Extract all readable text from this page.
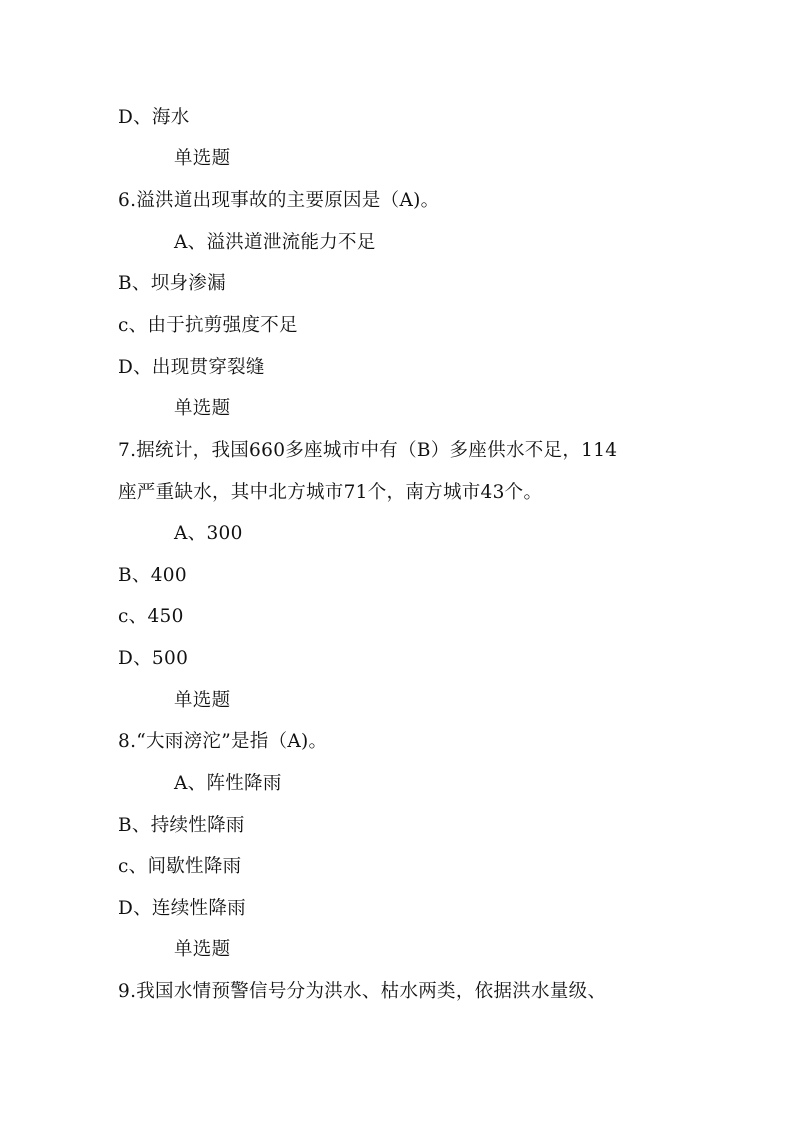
D、海水
单选题
6.溢洪道出现事故的主要原因是（A)。
A、溢洪道泄流能力不足
B、坝身渗漏
c、由于抗剪强度不足
D、出现贯穿裂缝
单选题
7.据统计，我国660多座城市中有（B）多座供水不足，114
座严重缺水，其中北方城市71个，南方城市43个。
A、300
B、400
c、450
D、500
单选题
8.“大雨滂沱”是指（A)。
A、阵性降雨
B、持续性降雨
c、间歇性降雨
D、连续性降雨
单选题
9.我国水情预警信号分为洪水、枯水两类，依据洪水量级、
